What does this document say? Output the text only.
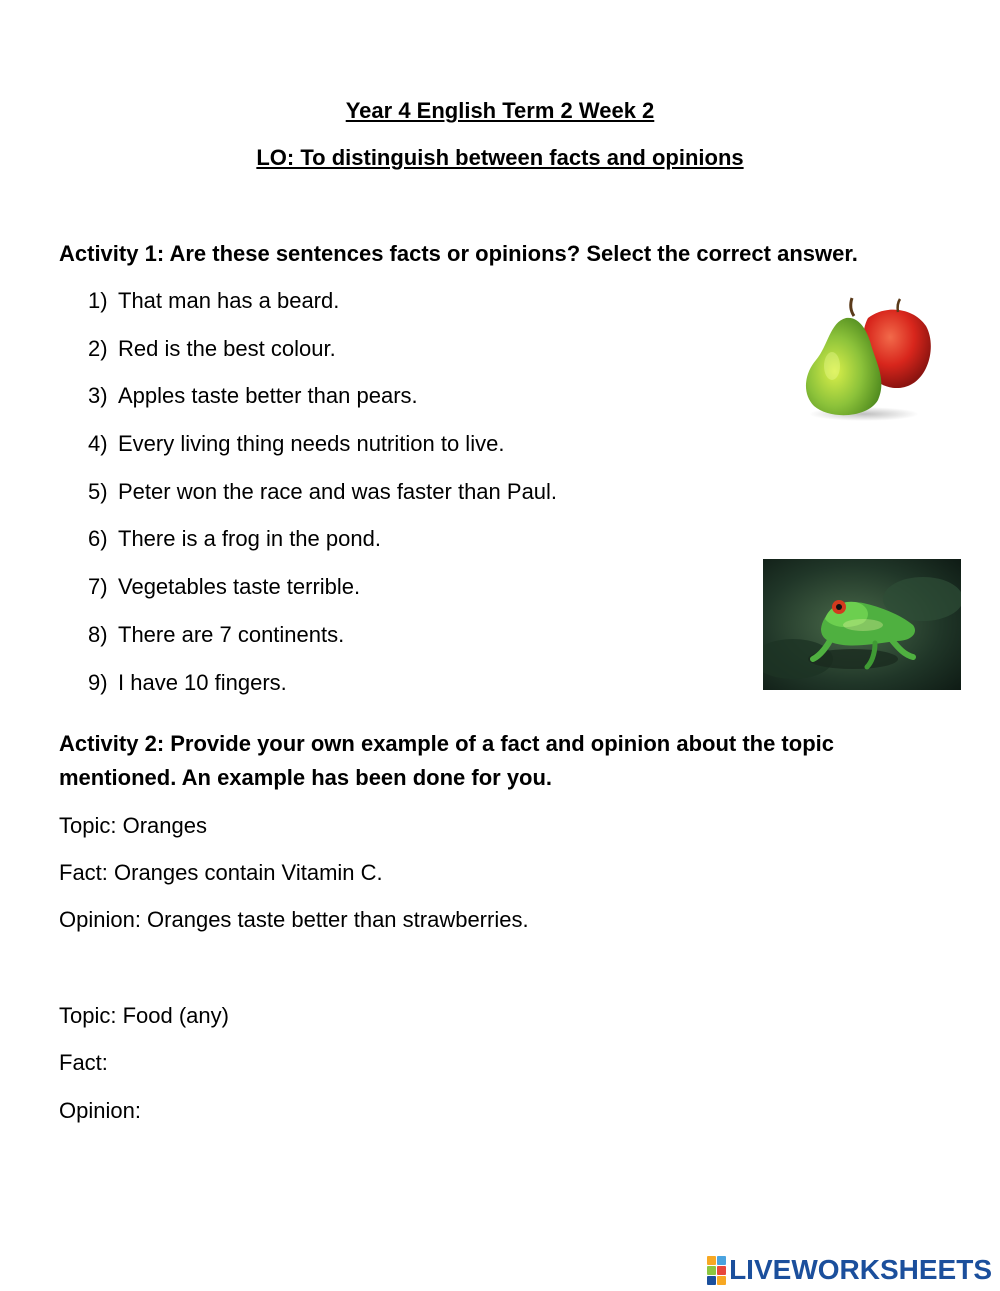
Year 4 English Term 2 Week 2
LO: To distinguish between facts and opinions
Activity 1: Are these sentences facts or opinions? Select the correct answer.
1) That man has a beard.
2) Red is the best colour.
3) Apples taste better than pears.
4) Every living thing needs nutrition to live.
5) Peter won the race and was faster than Paul.
6) There is a frog in the pond.
7) Vegetables taste terrible.
8) There are 7 continents.
9) I have 10 fingers.
Activity 2: Provide your own example of a fact and opinion about the topic
mentioned. An example has been done for you.
Topic: Oranges
Fact: Oranges contain Vitamin C.
Opinion: Oranges taste better than strawberries.
Topic: Food (any)
Fact:
Opinion:
LIVEWORKSHEETS
